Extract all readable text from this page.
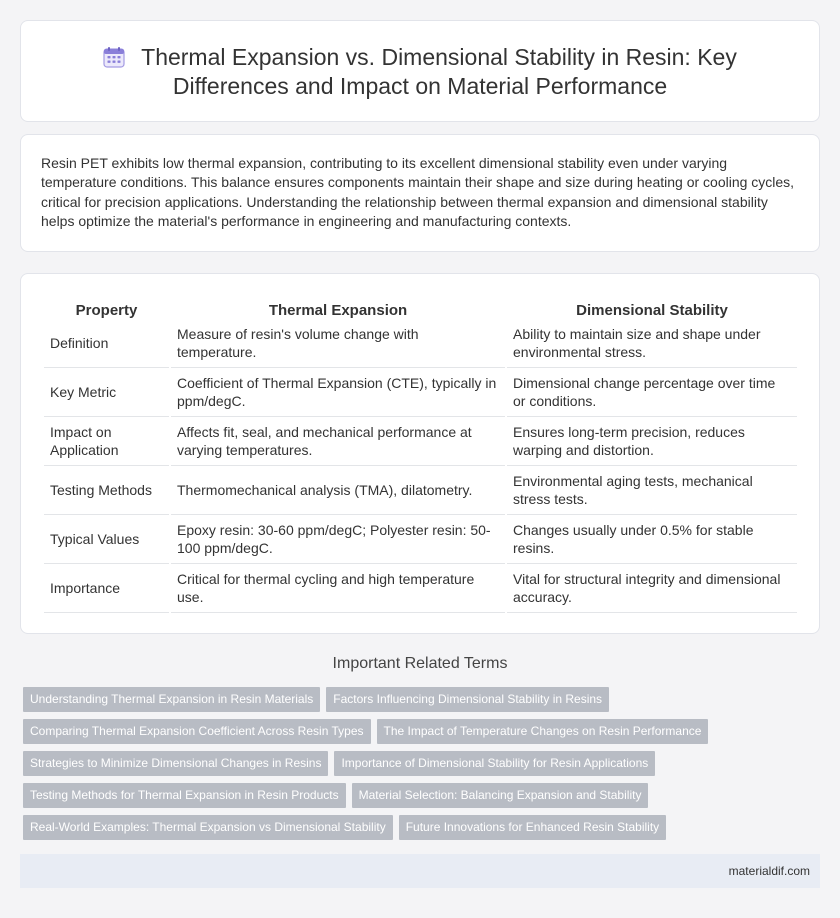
Thermal Expansion vs. Dimensional Stability in Resin: Key Differences and Impact on Material Performance

Resin PET exhibits low thermal expansion, contributing to its excellent dimensional stability even under varying temperature conditions. This balance ensures components maintain their shape and size during heating or cooling cycles, critical for precision applications. Understanding the relationship between thermal expansion and dimensional stability helps optimize the material's performance in engineering and manufacturing contexts.

Property	Thermal Expansion	Dimensional Stability
Definition	Measure of resin's volume change with temperature.	Ability to maintain size and shape under environmental stress.
Key Metric	Coefficient of Thermal Expansion (CTE), typically in ppm/degC.	Dimensional change percentage over time or conditions.
Impact on Application	Affects fit, seal, and mechanical performance at varying temperatures.	Ensures long-term precision, reduces warping and distortion.
Testing Methods	Thermomechanical analysis (TMA), dilatometry.	Environmental aging tests, mechanical stress tests.
Typical Values	Epoxy resin: 30-60 ppm/degC; Polyester resin: 50-100 ppm/degC.	Changes usually under 0.5% for stable resins.
Importance	Critical for thermal cycling and high temperature use.	Vital for structural integrity and dimensional accuracy.
Important Related Terms
Understanding Thermal Expansion in Resin Materials Factors Influencing Dimensional Stability in Resins
Comparing Thermal Expansion Coefficient Across Resin Types The Impact of Temperature Changes on Resin Performance
Strategies to Minimize Dimensional Changes in Resins Importance of Dimensional Stability for Resin Applications
Testing Methods for Thermal Expansion in Resin Products Material Selection: Balancing Expansion and Stability
Real-World Examples: Thermal Expansion vs Dimensional Stability Future Innovations for Enhanced Resin Stability
materialdif.com
